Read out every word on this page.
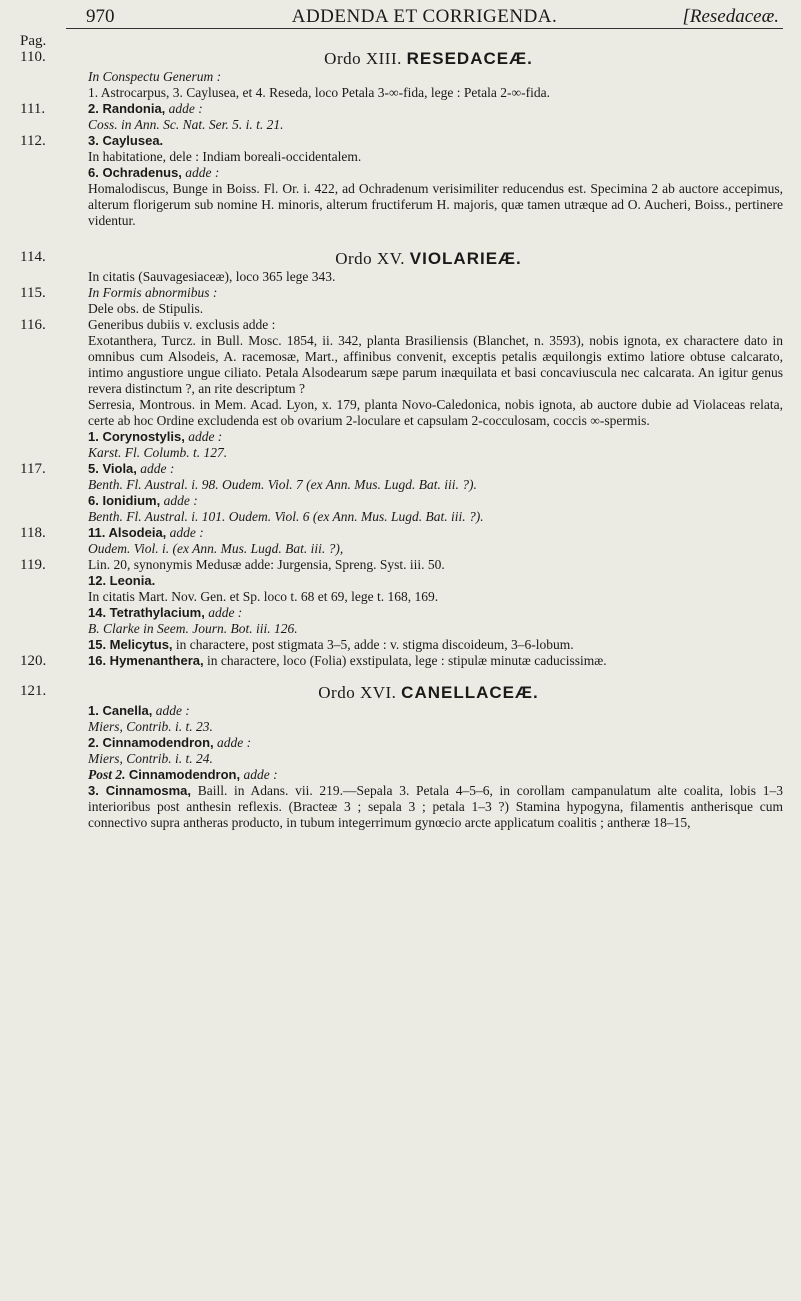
970	ADDENDA ET CORRIGENDA.	[Resedaceæ.
Pag.
110.	Ordo XIII. RESEDACEÆ.
In Conspectu Generum :
1. Astrocarpus, 3. Caylusea, et 4. Reseda, loco Petala 3-∞-fida, lege : Petala 2-∞-fida.
111.	2. Randonia, adde :
Coss. in Ann. Sc. Nat. Ser. 5. i. t. 21.
112.	3. Caylusea.
In habitatione, dele : Indiam boreali-occidentalem.
6. Ochradenus, adde :
Homalodiscus, Bunge in Boiss. Fl. Or. i. 422, ad Ochradenum verisimiliter reducendus est. Specimina 2 ab auctore accepimus, alterum florigerum sub nomine H. minoris, alterum fructiferum H. majoris, quæ tamen utræque ad O. Aucheri, Boiss., pertinere videntur.
114.	Ordo XV. VIOLARIEÆ.
In citatis (Sauvagesiaceæ), loco 365 lege 343.
115.	In Formis abnormibus :
Dele obs. de Stipulis.
116.	Generibus dubiis v. exclusis adde :
Exotanthera, Turcz. in Bull. Mosc. 1854, ii. 342, planta Brasiliensis (Blanchet, n. 3593), nobis ignota, ex charactere dato in omnibus cum Alsodeis, A. racemosæ, Mart., affinibus convenit, exceptis petalis æquilongis extimo latiore obtuse calcarato, intimo angustiore ungue ciliato. Petala Alsodearum sæpe parum inæquilata et basi concaviuscula nec calcarata. An igitur genus revera distinctum ?, an rite descriptum ?
Serresia, Montrous. in Mem. Acad. Lyon, x. 179, planta Novo-Caledonica, nobis ignota, ab auctore dubie ad Violaceas relata, certe ab hoc Ordine excludenda est ob ovarium 2-loculare et capsulam 2-cocculosam, coccis ∞-spermis.
1. Corynostylis, adde :
Karst. Fl. Columb. t. 127.
117.	5. Viola, adde :
Benth. Fl. Austral. i. 98. Oudem. Viol. 7 (ex Ann. Mus. Lugd. Bat. iii. ?).
6. Ionidium, adde :
Benth. Fl. Austral. i. 101. Oudem. Viol. 6 (ex Ann. Mus. Lugd. Bat. iii. ?).
118.	11. Alsodeia, adde :
Oudem. Viol. i. (ex Ann. Mus. Lugd. Bat. iii. ?),
119.	Lin. 20, synonymis Medusæ adde: Jurgensia, Spreng. Syst. iii. 50.
12. Leonia.
In citatis Mart. Nov. Gen. et Sp. loco t. 68 et 69, lege t. 168, 169.
14. Tetrathylacium, adde :
B. Clarke in Seem. Journ. Bot. iii. 126.
15. Melicytus, in charactere, post stigmata 3–5, adde : v. stigma discoideum, 3–6-lobum.
120.	16. Hymenanthera, in charactere, loco (Folia) exstipulata, lege : stipulæ minutæ caducissimæ.
121.	Ordo XVI. CANELLACEÆ.
1. Canella, adde :
Miers, Contrib. i. t. 23.
2. Cinnamodendron, adde :
Miers, Contrib. i. t. 24.
Post 2. Cinnamodendron, adde :
3. Cinnamosma, Baill. in Adans. vii. 219.—Sepala 3. Petala 4–5–6, in corollam campanulatum alte coalita, lobis 1–3 interioribus post anthesin reflexis. (Bracteæ 3 ; sepala 3 ; petala 1–3 ?) Stamina hypogyna, filamentis antherisque cum connectivo supra antheras producto, in tubum integerrimum gynœcio arcte applicatum coalitis ; antheræ 18–15,
